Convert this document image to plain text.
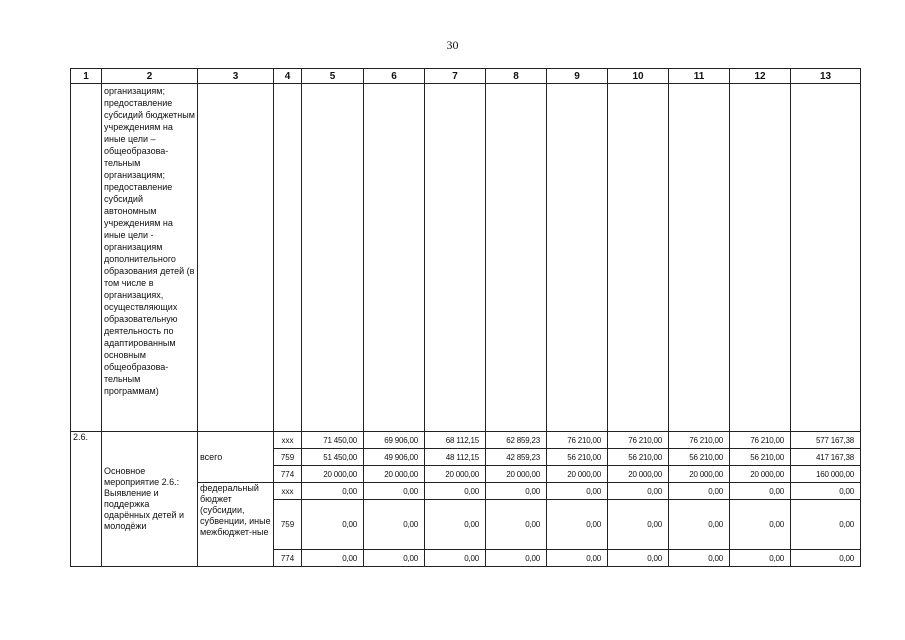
30
1	2	3	4	5	6	7	8	9	10	11	12	13
	организациям; предоставление субсидий бюджетным учреждениям на иные цели – общеобразова-тельным организациям; предоставление субсидий автономным учреждениям на иные цели - организациям дополнительного образования детей (в том числе в организациях, осуществляющих образовательную деятельность по адаптированным основным общеобразова-тельным программам)											
2.6.	Основное мероприятие 2.6.: Выявление и поддержка одарённых детей и молодёжи	всего	ххх	71 450,00	69 906,00	68 112,15	62 859,23	76 210,00	76 210,00	76 210,00	76 210,00	577 167,38
			759	51 450,00	49 906,00	48 112,15	42 859,23	56 210,00	56 210,00	56 210,00	56 210,00	417 167,38
			774	20 000,00	20 000,00	20 000,00	20 000,00	20 000,00	20 000,00	20 000,00	20 000,00	160 000,00
		федеральный бюджет (субсидии, субвенции, иные межбюджет-ные	ххх	0,00	0,00	0,00	0,00	0,00	0,00	0,00	0,00	0,00
			759	0,00	0,00	0,00	0,00	0,00	0,00	0,00	0,00	0,00
			774	0,00	0,00	0,00	0,00	0,00	0,00	0,00	0,00	0,00
